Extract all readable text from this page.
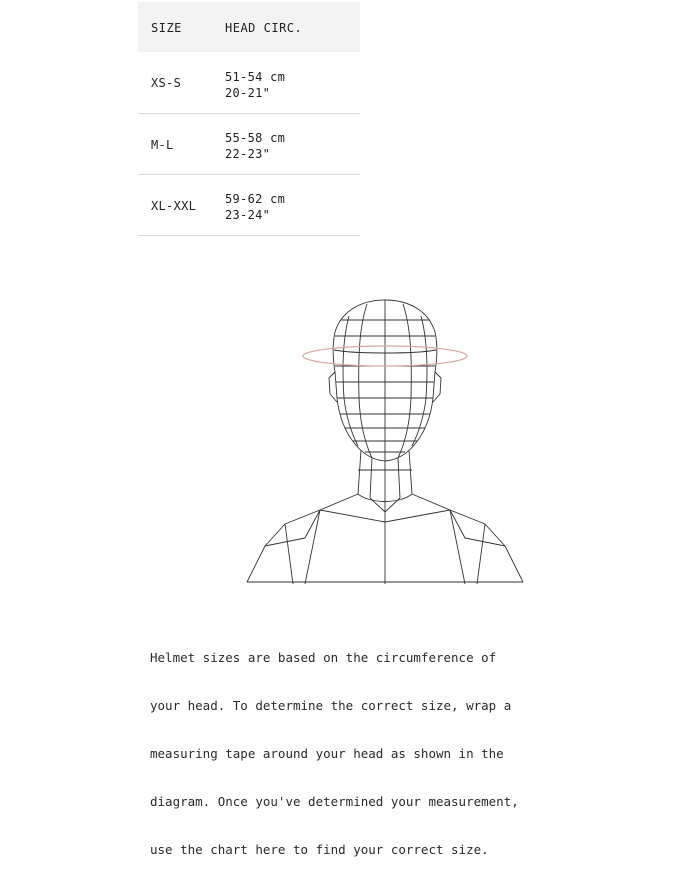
SIZE	HEAD CIRC.
XS-S	51-54 cm
20-21"
M-L	55-58 cm
22-23"
XL-XXL 59-62 cm
23-24"

Helmet sizes are based on the circumference of

your head. To determine the correct size, wrap a

measuring tape around your head as shown in the

diagram. Once you've determined your measurement,

use the chart here to find your correct size.
